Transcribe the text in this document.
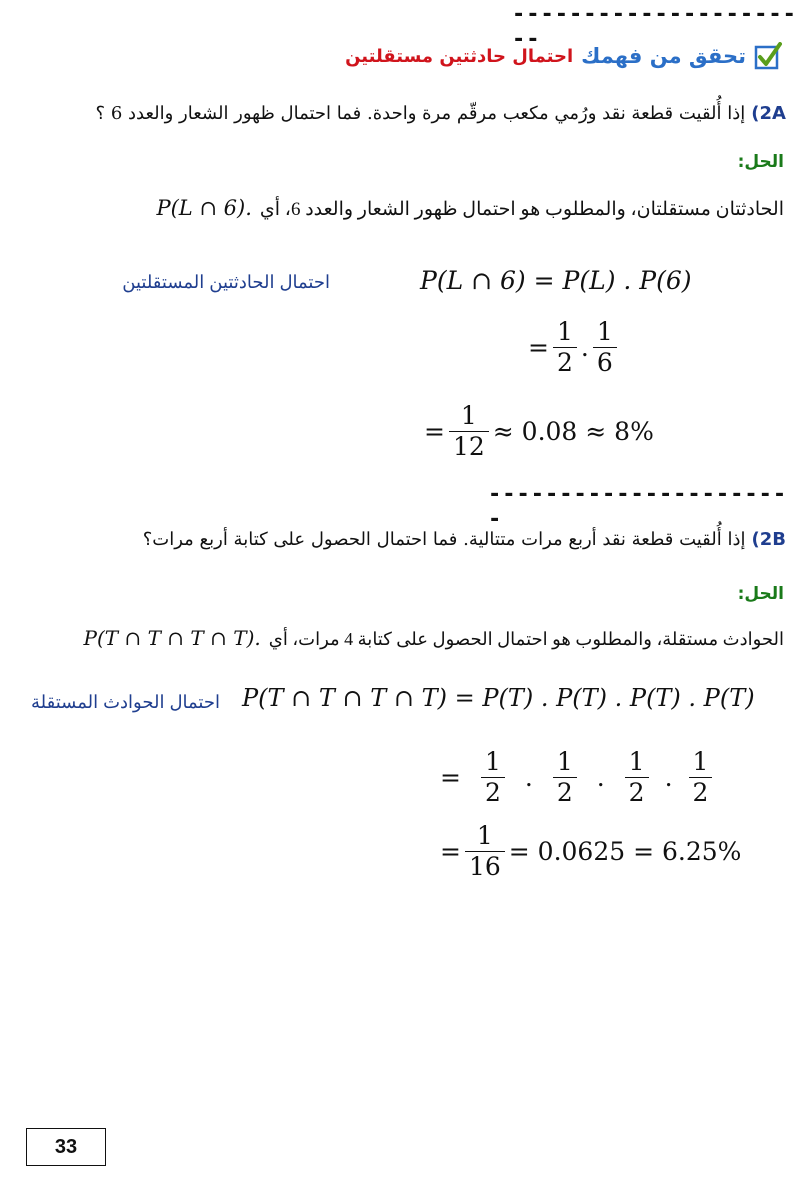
----------------------
تحقق من فهمك
احتمال حادثتين مستقلتين
2A)
إذا أُلقيت قطعة نقد ورُمي مكعب مرقّم مرة واحدة. فما احتمال ظهور الشعار والعدد 6 ؟
الحل:
الحادثتان مستقلتان، والمطلوب هو احتمال ظهور الشعار والعدد 6، أي
P(L ∩ 6).
احتمال الحادثتين المستقلتين	P(L ∩ 6) = P(L) . P(6)
= $\frac{1}{2}$ . $\frac{1}{6}$
= $\frac{1}{12} \approx 0.08 \approx 8\%$
----------------------
2B)
إذا أُلقيت قطعة نقد أربع مرات متتالية. فما احتمال الحصول على كتابة أربع مرات؟
الحل:
الحوادث مستقلة، والمطلوب هو احتمال الحصول على كتابة 4 مرات، أي
P(T ∩ T ∩ T ∩ T).
احتمال الحوادث المستقلة P(T ∩ T ∩ T ∩ T) = P(T) . P(T) . P(T) . P(T)
= $\frac{1}{2}$ . $\frac{1}{2}$ . $\frac{1}{2}$ . $\frac{1}{2}$
= $\frac{1}{16} = 0.0625 = 6.25\%$
33
